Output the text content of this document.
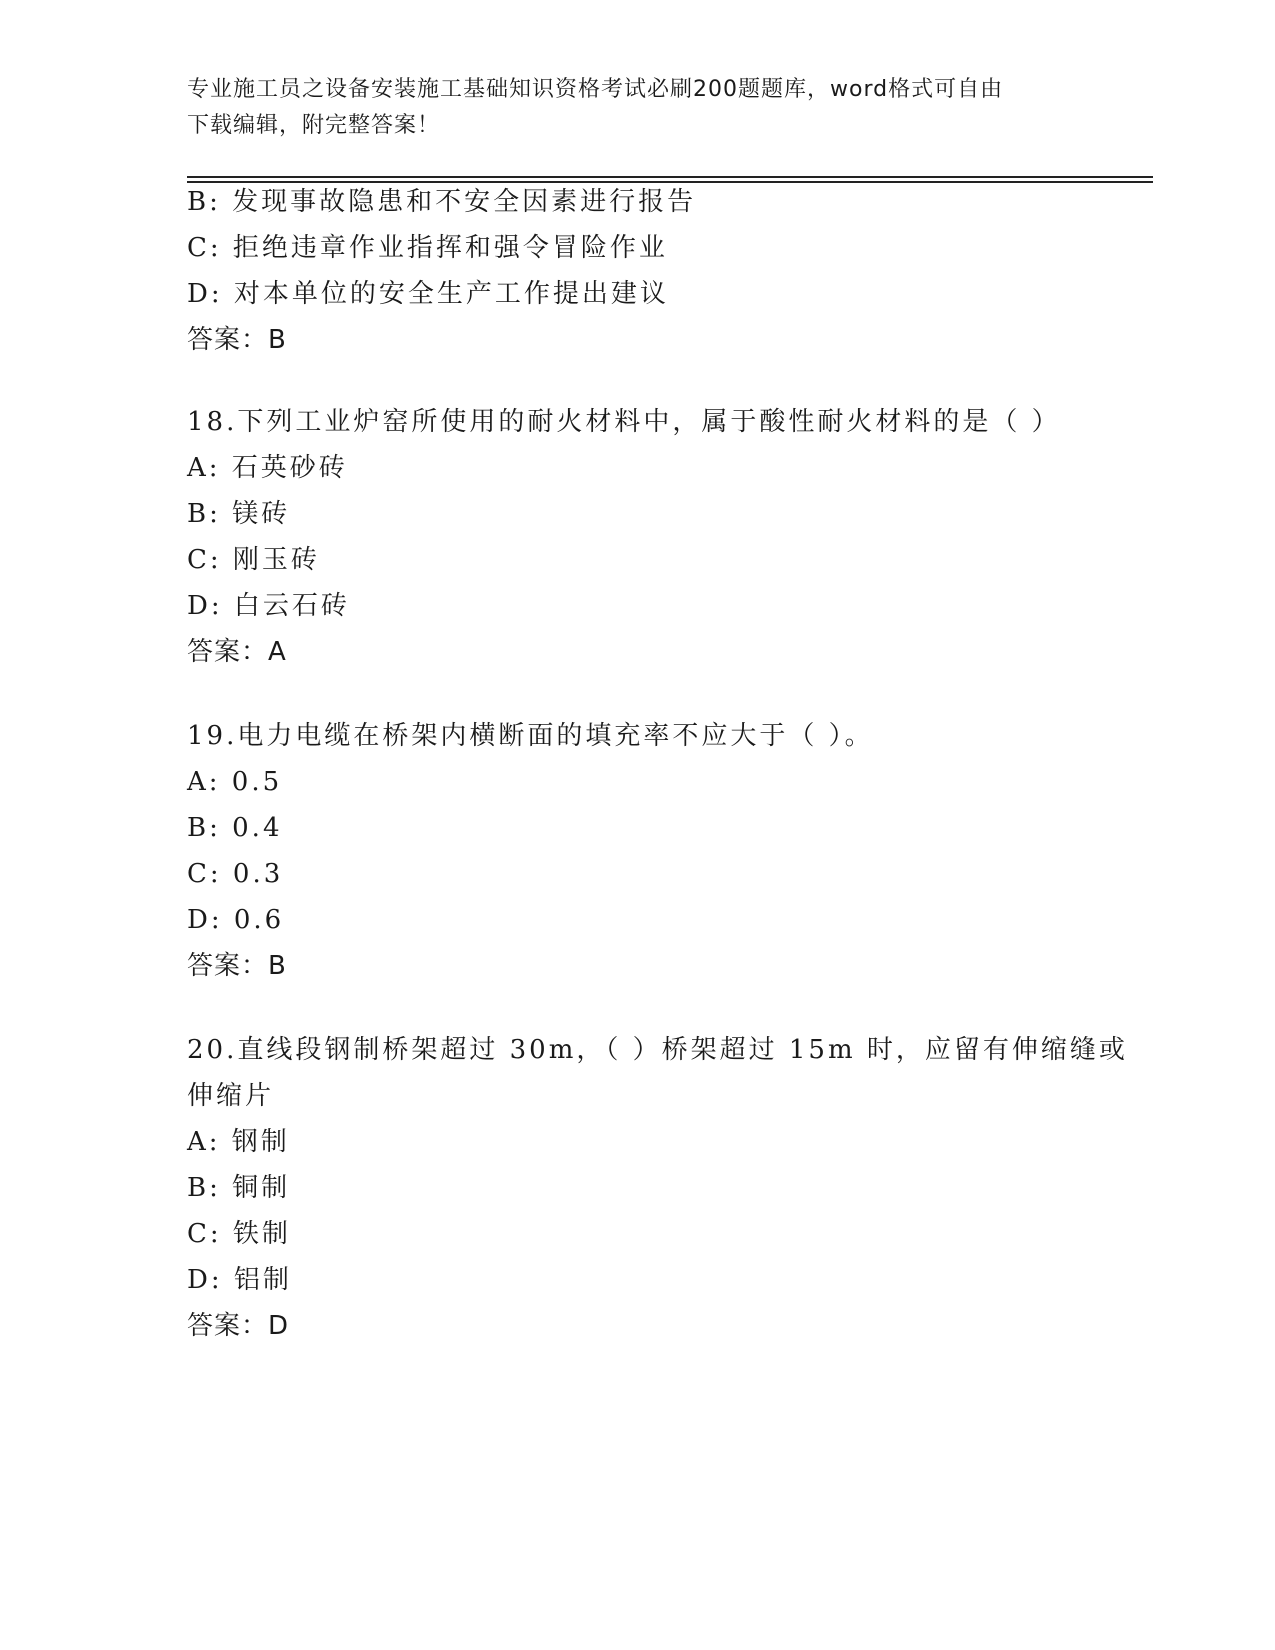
专业施工员之设备安装施工基础知识资格考试必刷200题题库，word格式可自由
下载编辑，附完整答案！
B: 发现事故隐患和不安全因素进行报告
C: 拒绝违章作业指挥和强令冒险作业
D: 对本单位的安全生产工作提出建议
答案：B
18.下列工业炉窑所使用的耐火材料中，属于酸性耐火材料的是（ ）
A: 石英砂砖
B: 镁砖
C: 刚玉砖
D: 白云石砖
答案：A
19.电力电缆在桥架内横断面的填充率不应大于（ ）。
A: 0.5
B: 0.4
C: 0.3
D: 0.6
答案：B
20.直线段钢制桥架超过 30m，（ ）桥架超过 15m 时，应留有伸缩缝或
伸缩片
A: 钢制
B: 铜制
C: 铁制
D: 铝制
答案：D
